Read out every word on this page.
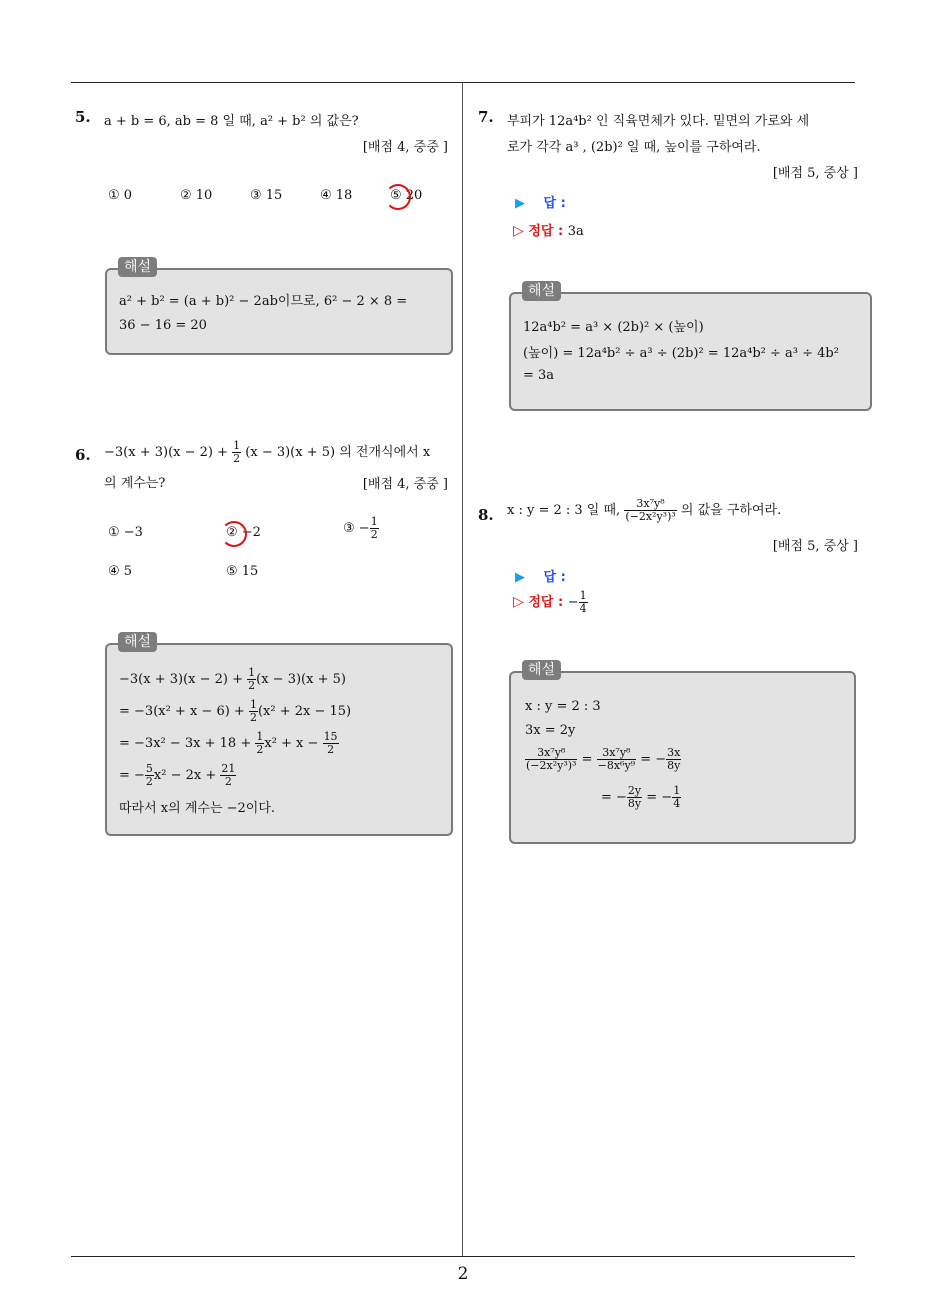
5. a + b = 6, ab = 8 일 때, a² + b² 의 값은?
[배점 4, 중중 ]
① 0	② 10	③ 15	④ 18	⑤ 20
a² + b² = (a + b)² − 2ab이므로, 6² − 2 × 8 =
36 − 16 = 20
해설
6. $-3(x + 3)(x - 2) + \frac{1}{2} (x - 3)(x + 5)$ 의 전개식에서 x
의 계수는?	[배점 4, 중중 ]
① −3	② −2	③ − $\frac{1}{2}$
④ 5	⑤ 15
$-3(x + 3)(x - 2) + \frac{1}{2} (x - 3)(x + 5)$
= $-3(x^2 + x - 6) + \frac{1}{2} (x^2 + 2x - 15)$
= $-3x^2 - 3x + 18 + \frac{1}{2} x^2 + x - \frac{15}{2}$
= − $\frac{5}{2} x^2 - 2x + \frac{21}{2}$
따라서 x의 계수는 −2이다.
해설
7. 부피가 12a⁴b² 인 직육면체가 있다. 밑면의 가로와 세
로가 각각 a³ , (2b)² 일 때, 높이를 구하여라.
[배점 5, 중상 ]
▶ 답 :
▷ 정답 : 3a
12a⁴b² = a³ × (2b)² × (높이)
(높이) = 12a⁴b² ÷ a³ ÷ (2b)² = 12a⁴b² ÷ a³ ÷ 4b²
= 3a
해설
8. x : y = 2 : 3 일 때, $\frac{\text{3x⁷y⁸}}{\text{(−2x²y³)³}}$ 의 값을 구하여라.
[배점 5, 중상 ]
▶ 답 :
▷ 정답 : − $\frac{1}{4}$
x : y = 2 : 3
3x = 2y
$\frac{\text{3x⁷y⁸}}{\text{(−2x²y³)³}} = \frac{\text{3x⁷y⁸}}{\text{−8x⁶y⁹}}$ = − $\frac{3x}{8y}$
= − $\frac{2y}{8y}$ = − $\frac{1}{4}$
해설
2
